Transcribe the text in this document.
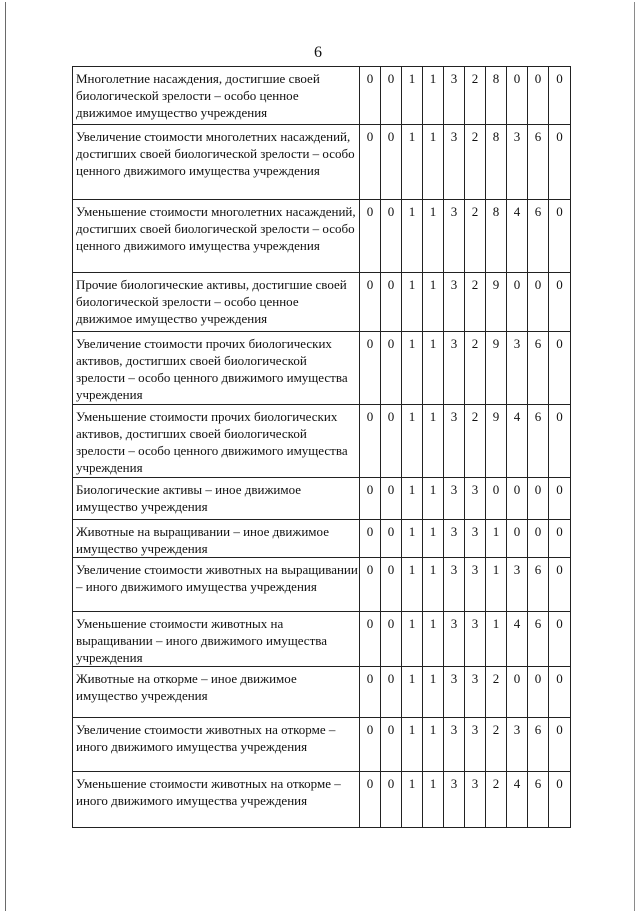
6
Многолетние насаждения, достигшие своей биологической зрелости – особо ценное движимое имущество учреждения	0	0	1	1	3	2	8	0	0	0
Увеличение стоимости многолетних насаждений, достигших своей биологической зрелости – особо ценного движимого имущества учреждения	0	0	1	1	3	2	8	3	6	0
Уменьшение стоимости многолетних насаждений, достигших своей биологической зрелости – особо ценного движимого имущества учреждения	0	0	1	1	3	2	8	4	6	0
Прочие биологические активы, достигшие своей биологической зрелости – особо ценное движимое имущество учреждения	0	0	1	1	3	2	9	0	0	0
Увеличение стоимости прочих биологических активов, достигших своей биологической зрелости – особо ценного движимого имущества учреждения	0	0	1	1	3	2	9	3	6	0
Уменьшение стоимости прочих биологических активов, достигших своей биологической зрелости – особо ценного движимого имущества учреждения	0	0	1	1	3	2	9	4	6	0
Биологические активы – иное движимое имущество учреждения	0	0	1	1	3	3	0	0	0	0
Животные на выращивании – иное движимое имущество учреждения	0	0	1	1	3	3	1	0	0	0
Увеличение стоимости животных на выращивании – иного движимого имущества учреждения	0	0	1	1	3	3	1	3	6	0
Уменьшение стоимости животных на выращивании – иного движимого имущества учреждения	0	0	1	1	3	3	1	4	6	0
Животные на откорме – иное движимое имущество учреждения	0	0	1	1	3	3	2	0	0	0
Увеличение стоимости животных на откорме – иного движимого имущества учреждения	0	0	1	1	3	3	2	3	6	0
Уменьшение стоимости животных на откорме – иного движимого имущества учреждения	0	0	1	1	3	3	2	4	6	0
